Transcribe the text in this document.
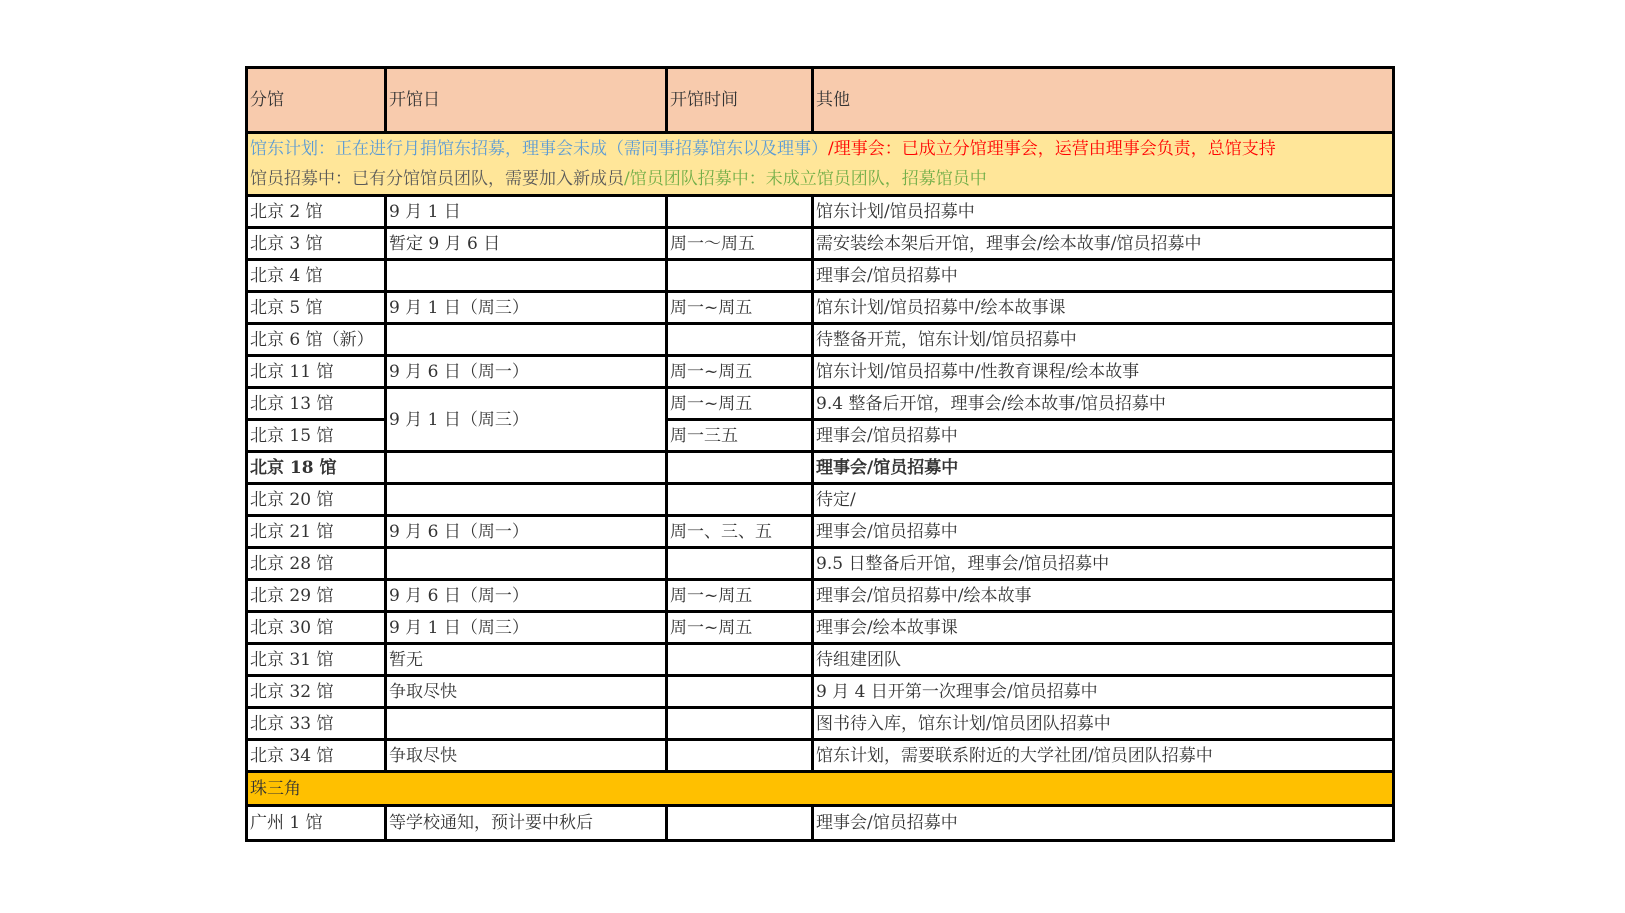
分馆	开馆日	开馆时间	其他

馆东计划：正在进行月捐馆东招募，理事会未成（需同事招募馆东以及理事）/理事会：已成立分馆理事会，运营由理事会负责，总馆支持
馆员招募中：已有分馆馆员团队，需要加入新成员/馆员团队招募中：未成立馆员团队，招募馆员中			

北京 2 馆	9 月 1 日		馆东计划/馆员招募中
北京 3 馆	暂定 9 月 6 日	周一～周五	需安装绘本架后开馆，理事会/绘本故事/馆员招募中
北京 4 馆			理事会/馆员招募中
北京 5 馆	9 月 1 日（周三）	周一~周五	馆东计划/馆员招募中/绘本故事课
北京 6 馆（新）			待整备开荒，馆东计划/馆员招募中
北京 11 馆	9 月 6 日（周一）	周一~周五	馆东计划/馆员招募中/性教育课程/绘本故事
北京 13 馆	9 月 1 日（周三）	周一~周五	9.4 整备后开馆，理事会/绘本故事/馆员招募中
北京 15 馆		周一三五	理事会/馆员招募中
北京 18 馆			理事会/馆员招募中
北京 20 馆			待定/
北京 21 馆	9 月 6 日（周一）	周一、三、五	理事会/馆员招募中
北京 28 馆			9.5 日整备后开馆，理事会/馆员招募中
北京 29 馆	9 月 6 日（周一）	周一~周五	理事会/馆员招募中/绘本故事
北京 30 馆	9 月 1 日（周三）	周一~周五	理事会/绘本故事课
北京 31 馆	暂无		待组建团队
北京 32 馆	争取尽快		9 月 4 日开第一次理事会/馆员招募中
北京 33 馆			图书待入库，馆东计划/馆员团队招募中
北京 34 馆	争取尽快		馆东计划，需要联系附近的大学社团/馆员团队招募中
珠三角			
广州 1 馆	等学校通知，预计要中秋后		理事会/馆员招募中
